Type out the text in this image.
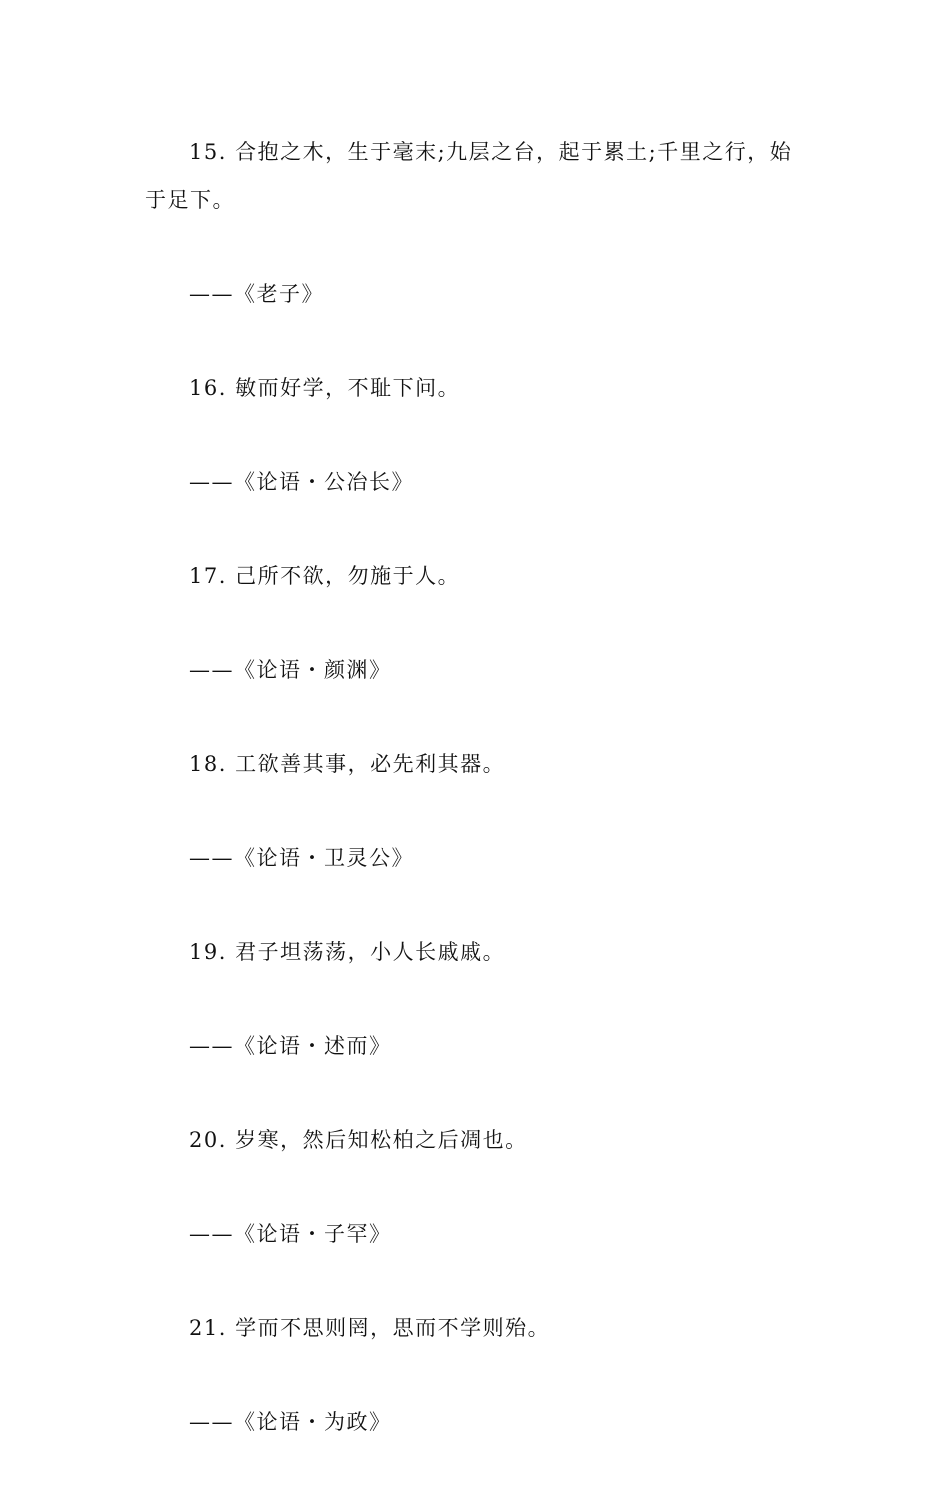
15. 合抱之木，生于毫末;九层之台，起于累土;千里之行，始于足下。

——《老子》

16. 敏而好学，不耻下问。

——《论语・公冶长》

17. 己所不欲，勿施于人。

——《论语・颜渊》

18. 工欲善其事，必先利其器。

——《论语・卫灵公》

19. 君子坦荡荡，小人长戚戚。

——《论语・述而》

20. 岁寒，然后知松柏之后凋也。

——《论语・子罕》

21. 学而不思则罔，思而不学则殆。

——《论语・为政》
